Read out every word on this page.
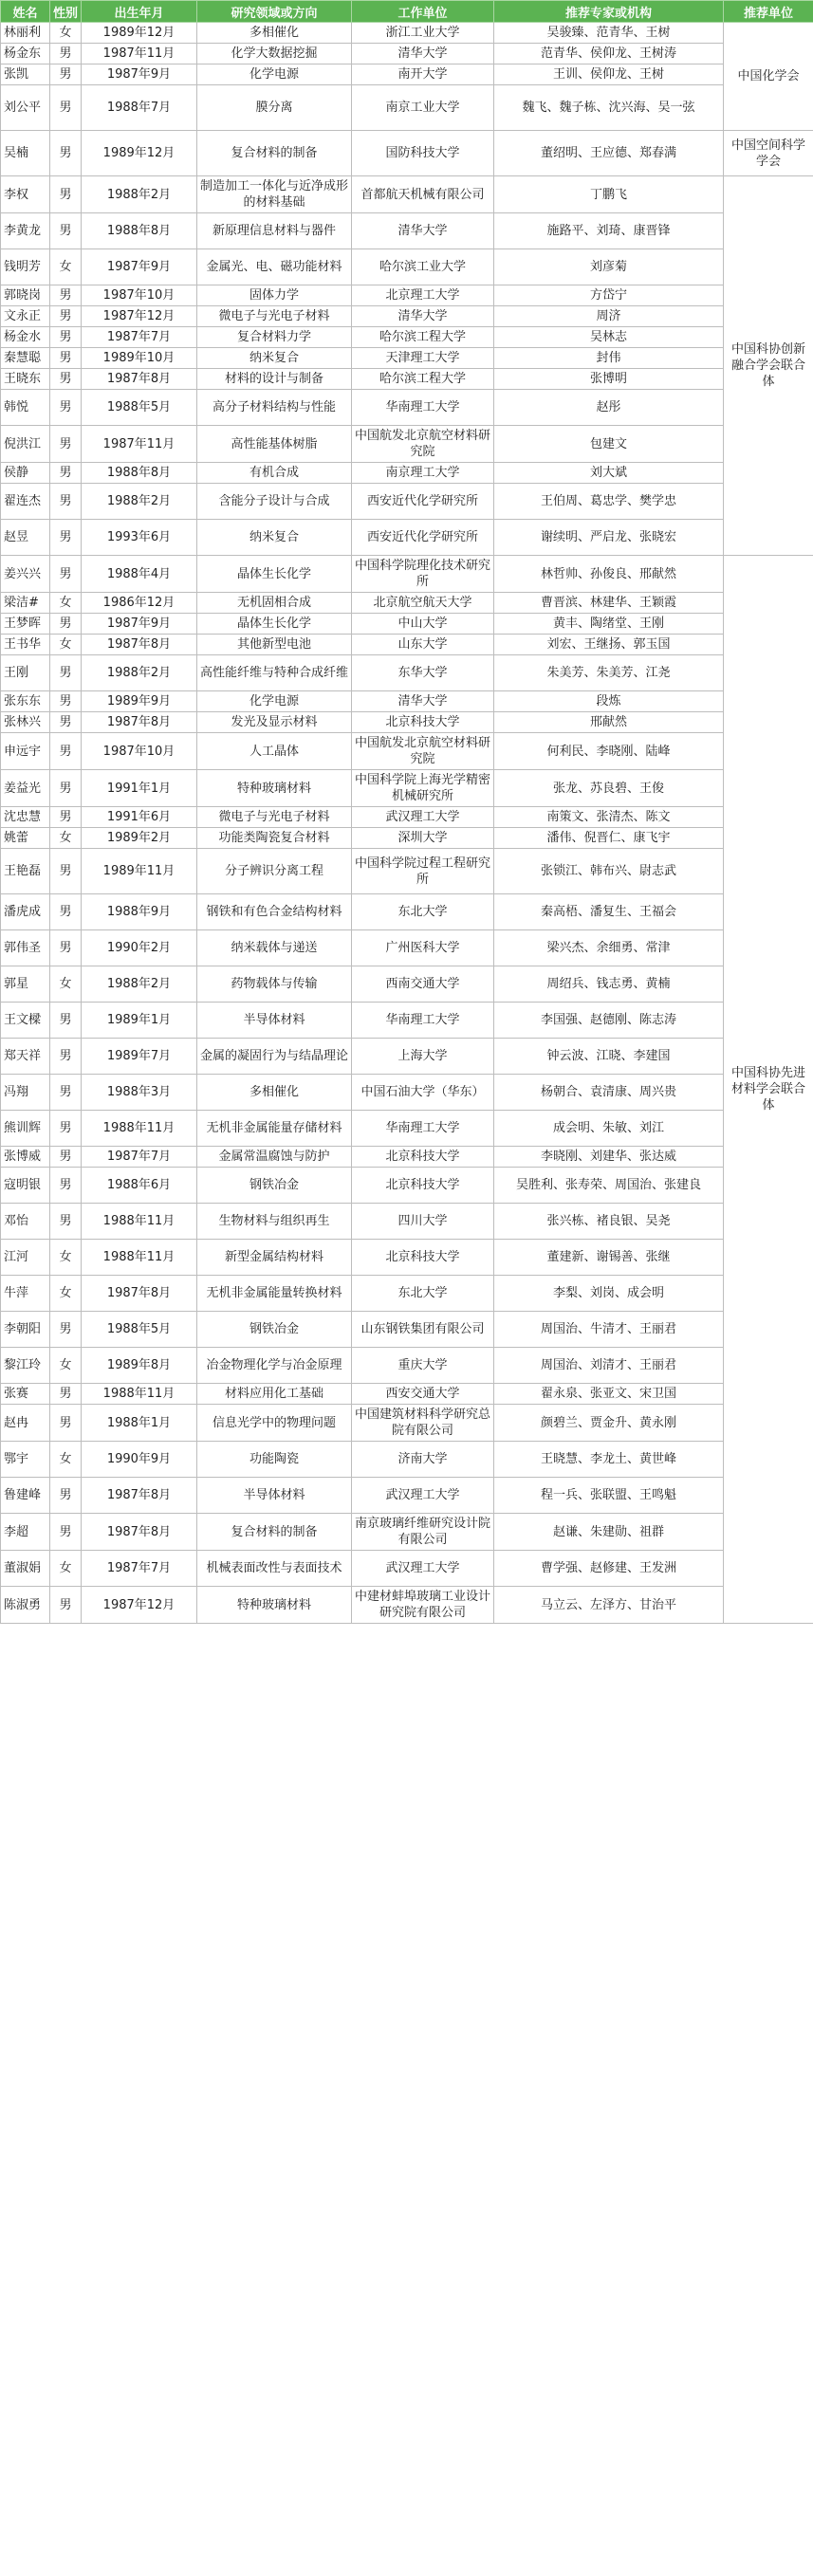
姓名	性别	出生年月	研究领域或方向	工作单位	推荐专家或机构	推荐单位
林丽利	女	1989年12月	多相催化	浙江工业大学	吴骏臻、范青华、王树	中国化学会
杨金东	男	1987年11月	化学大数据挖掘	清华大学	范青华、侯仰龙、王树涛	
张凯	男	1987年9月	化学电源	南开大学	王训、侯仰龙、王树	
刘公平	男	1988年7月	膜分离	南京工业大学	魏飞、魏子栋、沈兴海、吴一弦	
吴楠	男	1989年12月	复合材料的制备	国防科技大学	董绍明、王应德、郑春满	中国空间科学学会
李权	男	1988年2月	制造加工一体化与近净成形的材料基础	首都航天机械有限公司	丁鹏飞	中国科协创新融合学会联合体
李黄龙	男	1988年8月	新原理信息材料与器件	清华大学	施路平、刘琦、康晋锋	
钱明芳	女	1987年9月	金属光、电、磁功能材料	哈尔滨工业大学	刘彦菊	
郭晓岗	男	1987年10月	固体力学	北京理工大学	方岱宁	
文永正	男	1987年12月	微电子与光电子材料	清华大学	周济	
杨金水	男	1987年7月	复合材料力学	哈尔滨工程大学	吴林志	
秦慧聪	男	1989年10月	纳米复合	天津理工大学	封伟	
王晓东	男	1987年8月	材料的设计与制备	哈尔滨工程大学	张博明	
韩悦	男	1988年5月	高分子材料结构与性能	华南理工大学	赵彤	
倪洪江	男	1987年11月	高性能基体树脂	中国航发北京航空材料研究院	包建文	
侯静	男	1988年8月	有机合成	南京理工大学	刘大斌	
翟连杰	男	1988年2月	含能分子设计与合成	西安近代化学研究所	王伯周、葛忠学、樊学忠	
赵昱	男	1993年6月	纳米复合	西安近代化学研究所	谢续明、严启龙、张晓宏	
姜兴兴	男	1988年4月	晶体生长化学	中国科学院理化技术研究所	林哲帅、孙俊良、邢献然	中国科协先进材料学会联合体
梁洁#	女	1986年12月	无机固相合成	北京航空航天大学	曹晋滨、林建华、王颖霞	
王梦晖	男	1987年9月	晶体生长化学	中山大学	黄丰、陶绪堂、王刚	
王书华	女	1987年8月	其他新型电池	山东大学	刘宏、王继扬、郭玉国	
王刚	男	1988年2月	高性能纤维与特种合成纤维	东华大学	朱美芳、朱美芳、江尧	
张东东	男	1989年9月	化学电源	清华大学	段炼	
张林兴	男	1987年8月	发光及显示材料	北京科技大学	邢献然	
申远宇	男	1987年10月	人工晶体	中国航发北京航空材料研究院	何利民、李晓刚、陆峰	
姜益光	男	1991年1月	特种玻璃材料	中国科学院上海光学精密机械研究所	张龙、苏良碧、王俊	
沈忠慧	男	1991年6月	微电子与光电子材料	武汉理工大学	南策文、张清杰、陈文	
姚蕾	女	1989年2月	功能类陶瓷复合材料	深圳大学	潘伟、倪晋仁、康飞宇	
王艳磊	男	1989年11月	分子辨识分离工程	中国科学院过程工程研究所	张锁江、韩布兴、尉志武	
潘虎成	男	1988年9月	钢铁和有色合金结构材料	东北大学	秦高梧、潘复生、王福会	
郭伟圣	男	1990年2月	纳米载体与递送	广州医科大学	梁兴杰、余细勇、常津	
郭星	女	1988年2月	药物载体与传输	西南交通大学	周绍兵、钱志勇、黄楠	
王文樑	男	1989年1月	半导体材料	华南理工大学	李国强、赵德刚、陈志涛	
郑天祥	男	1989年7月	金属的凝固行为与结晶理论	上海大学	钟云波、江晓、李建国	
冯翔	男	1988年3月	多相催化	中国石油大学（华东）	杨朝合、袁清康、周兴贵	
熊训辉	男	1988年11月	无机非金属能量存储材料	华南理工大学	成会明、朱敏、刘江	
张博威	男	1987年7月	金属常温腐蚀与防护	北京科技大学	李晓刚、刘建华、张达威	
寇明银	男	1988年6月	钢铁冶金	北京科技大学	吴胜利、张寿荣、周国治、张建良	
邓怡	男	1988年11月	生物材料与组织再生	四川大学	张兴栋、褚良银、吴尧	
江河	女	1988年11月	新型金属结构材料	北京科技大学	董建新、谢锡善、张继	
牛萍	女	1987年8月	无机非金属能量转换材料	东北大学	李梨、刘岗、成会明	
李朝阳	男	1988年5月	钢铁冶金	山东钢铁集团有限公司	周国治、牛清才、王丽君	
黎江玲	女	1989年8月	冶金物理化学与冶金原理	重庆大学	周国治、刘清才、王丽君	
张赛	男	1988年11月	材料应用化工基础	西安交通大学	翟永泉、张亚文、宋卫国	
赵冉	男	1988年1月	信息光学中的物理问题	中国建筑材料科学研究总院有限公司	颜碧兰、贾金升、黄永刚	
鄂宇	女	1990年9月	功能陶瓷	济南大学	王晓慧、李龙土、黄世峰	
鲁建峰	男	1987年8月	半导体材料	武汉理工大学	程一兵、张联盟、王鸣魁	
李超	男	1987年8月	复合材料的制备	南京玻璃纤维研究设计院有限公司	赵谦、朱建勋、祖群	
董淑娟	女	1987年7月	机械表面改性与表面技术	武汉理工大学	曹学强、赵修建、王发洲	
陈淑勇	男	1987年12月	特种玻璃材料	中建材蚌埠玻璃工业设计研究院有限公司	马立云、左泽方、甘治平	
